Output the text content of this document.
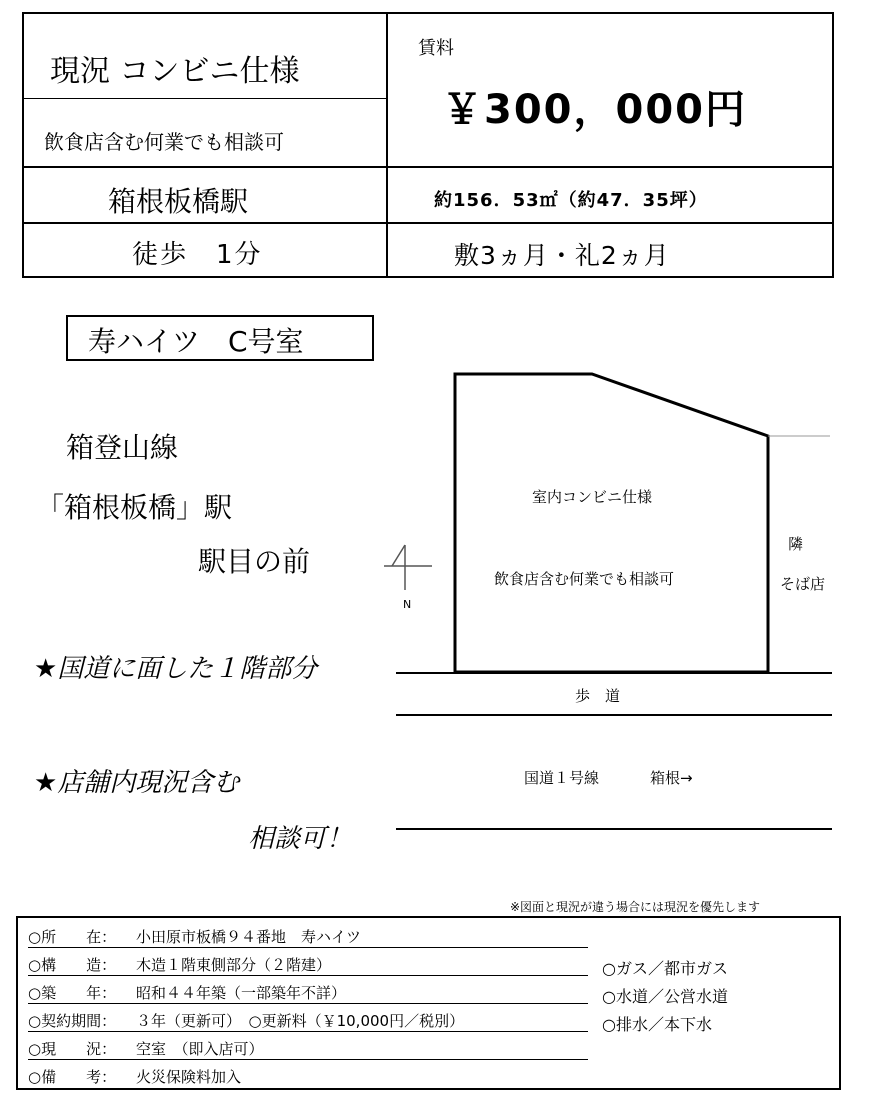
現況 コンビニ仕様
飲食店含む何業でも相談可
賃料
￥300，000円
箱根板橋駅	約156．53㎡（約47．35坪）
徒歩　1分	敷3ヵ月・礼2ヵ月
寿ハイツ　C号室
箱登山線
「箱根板橋」駅
駅目の前
N
室内コンビニ仕様
飲食店含む何業でも相談可
隣
そば店
歩　道
国道１号線	箱根→
★国道に面した１階部分
★店舗内現況含む
相談可！
※図面と現況が違う場合には現況を優先します
○所　　在： 小田原市板橋９４番地　寿ハイツ
○構　　造： 木造１階東側部分（２階建）
○築　　年： 昭和４４年築（一部築年不詳）
○契約期間： ３年（更新可）　○更新料（￥10,000円／税別）
○現　　況： 空室　（即入店可）
○備　　考： 火災保険料加入
○ガス／都市ガス
○水道／公営水道
○排水／本下水
